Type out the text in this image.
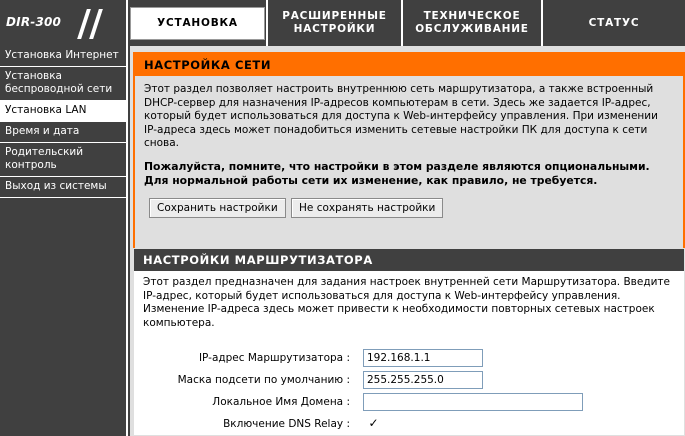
DIR-300	УСТАНОВКА
РАСШИРЕННЫЕ
НАСТРОЙКИ
ТЕХНИЧЕСКОЕ
ОБСЛУЖИВАНИЕ
СТАТУС
Установка Интернет
Установка беспроводной сети
Установка LAN
Время и дата
Родительский контроль
Выход из системы
НАСТРОЙКА СЕТИ

Этот раздел позволяет настроить внутреннюю сеть маршрутизатора, а также встроенный DHCP-сервер для назначения IP-адресов компьютерам в сети. Здесь же задается IP-адрес, который будет использоваться для доступа к Web-интерфейсу управления. При изменении IP-адреса здесь может понадобиться изменить сетевые настройки ПК для доступа к сети снова.

Пожалуйста, помните, что настройки в этом разделе являются опциональными. Для нормальной работы сети их изменение, как правило, не требуется.

Сохранить настройки Не сохранять настройки
НАСТРОЙКИ МАРШРУТИЗАТОРА

Этот раздел предназначен для задания настроек внутренней сети Маршрутизатора. Введите IP-адрес, который будет использоваться для доступа к Web-интерфейсу управления. Изменение IP-адреса здесь может привести к необходимости повторных сетевых настроек компьютера.

IP-адрес Маршрутизатора :
192.168.1.1
Маска подсети по умолчанию :
255.255.255.0
Локальное Имя Домена :
Включение DNS Relay : ✓
